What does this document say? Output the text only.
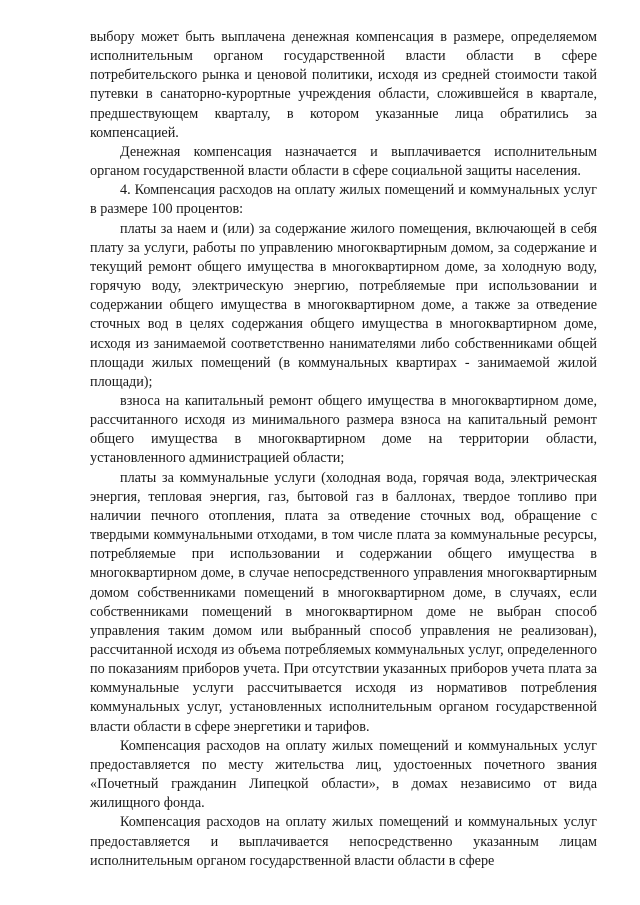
выбору может быть выплачена денежная компенсация в размере, определяемом исполнительным органом государственной власти области в сфере потребительского рынка и ценовой политики, исходя из средней стоимости такой путевки в санаторно-курортные учреждения области, сложившейся в квартале, предшествующем кварталу, в котором указанные лица обратились за компенсацией.

Денежная компенсация назначается и выплачивается исполнительным органом государственной власти области в сфере социальной защиты населения.

4. Компенсация расходов на оплату жилых помещений и коммунальных услуг в размере 100 процентов:

платы за наем и (или) за содержание жилого помещения, включающей в себя плату за услуги, работы по управлению многоквартирным домом, за содержание и текущий ремонт общего имущества в многоквартирном доме, за холодную воду, горячую воду, электрическую энергию, потребляемые при использовании и содержании общего имущества в многоквартирном доме, а также за отведение сточных вод в целях содержания общего имущества в многоквартирном доме, исходя из занимаемой соответственно нанимателями либо собственниками общей площади жилых помещений (в коммунальных квартирах - занимаемой жилой площади);

взноса на капитальный ремонт общего имущества в многоквартирном доме, рассчитанного исходя из минимального размера взноса на капитальный ремонт общего имущества в многоквартирном доме на территории области, установленного администрацией области;

платы за коммунальные услуги (холодная вода, горячая вода, электрическая энергия, тепловая энергия, газ, бытовой газ в баллонах, твердое топливо при наличии печного отопления, плата за отведение сточных вод, обращение с твердыми коммунальными отходами, в том числе плата за коммунальные ресурсы, потребляемые при использовании и содержании общего имущества в многоквартирном доме, в случае непосредственного управления многоквартирным домом собственниками помещений в многоквартирном доме, в случаях, если собственниками помещений в многоквартирном доме не выбран способ управления таким домом или выбранный способ управления не реализован), рассчитанной исходя из объема потребляемых коммунальных услуг, определенного по показаниям приборов учета. При отсутствии указанных приборов учета плата за коммунальные услуги рассчитывается исходя из нормативов потребления коммунальных услуг, установленных исполнительным органом государственной власти области в сфере энергетики и тарифов.

Компенсация расходов на оплату жилых помещений и коммунальных услуг предоставляется по месту жительства лиц, удостоенных почетного звания «Почетный гражданин Липецкой области», в домах независимо от вида жилищного фонда.

Компенсация расходов на оплату жилых помещений и коммунальных услуг предоставляется и выплачивается непосредственно указанным лицам исполнительным органом государственной власти области в сфере
